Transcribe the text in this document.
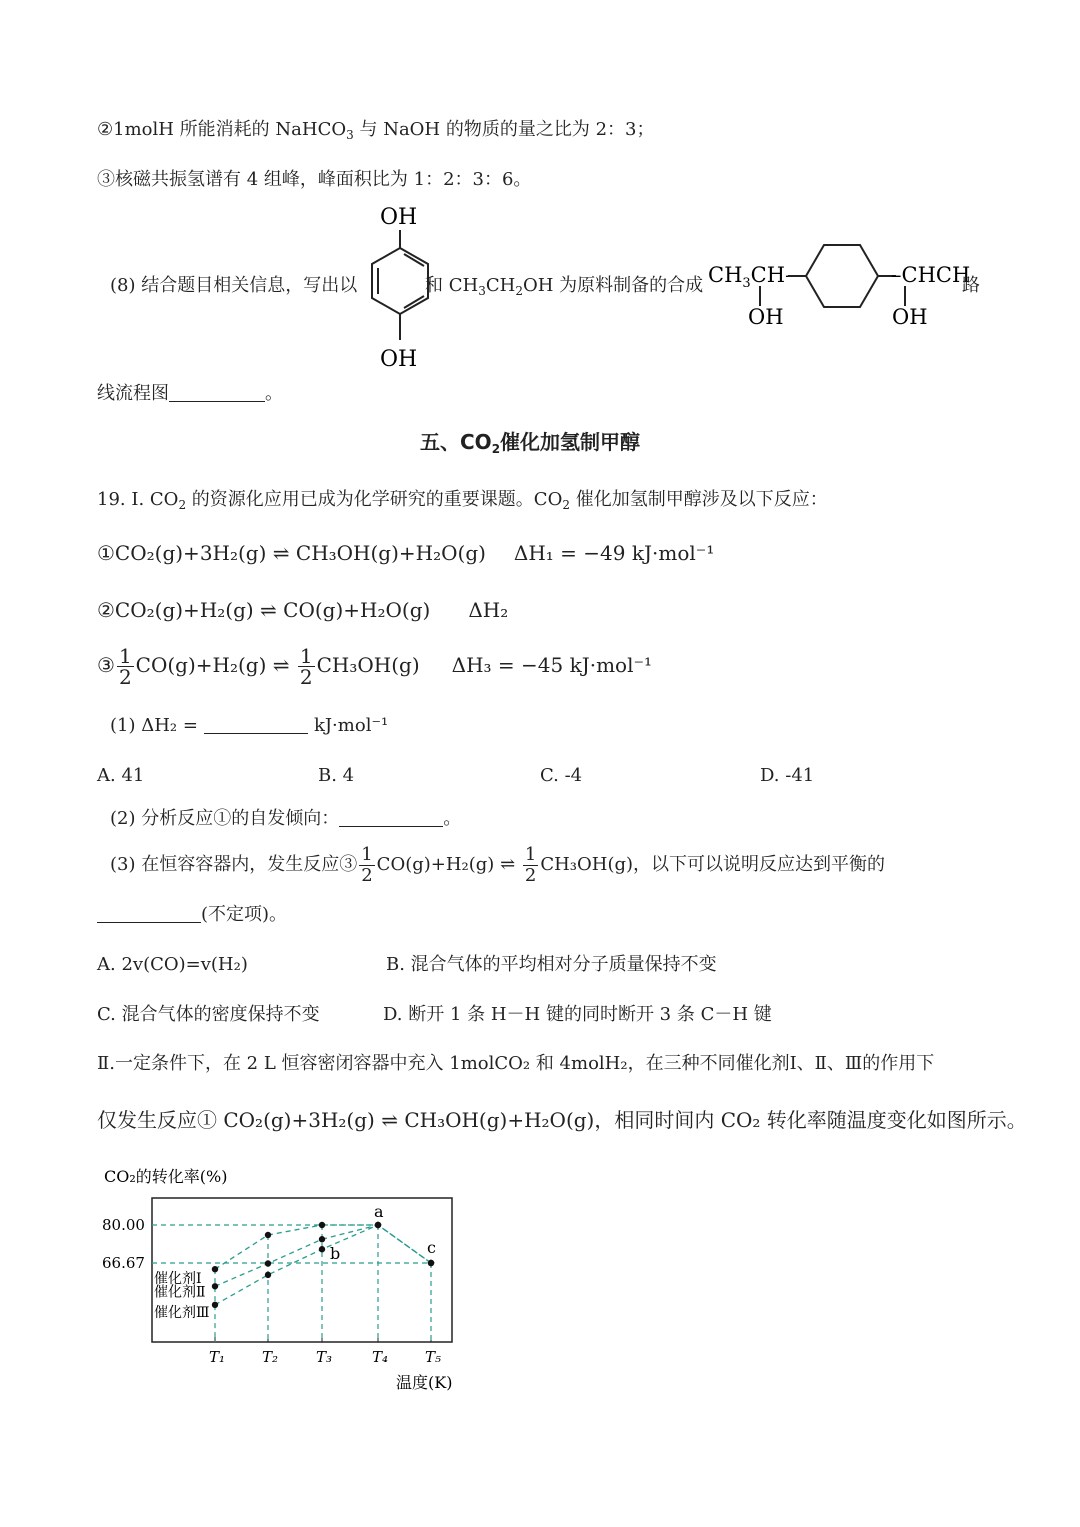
②1molH 所能消耗的 NaHCO$_3$ 与 NaOH 的物质的量之比为 2：3；
③核磁共振氢谱有 4 组峰，峰面积比为 1：2：3：6。
(8) 结合题目相关信息，写出以
OH
OH
和 $CH_3CH_2OH$ 为原料制备的合成 $CH_3CH-$	–CHCH
OH	OH
路
线流程图	。
五、$CO_2$催化加氢制甲醇
19. Ⅰ. $CO_2$ 的资源化应用已成为化学研究的重要课题。$CO_2$ 催化加氢制甲醇涉及以下反应：
①CO₂(g)+3H₂(g) ⇌ CH₃OH(g)+H₂O(g) ΔH₁ = −49 kJ·mol⁻¹
②CO₂(g)+H₂(g) ⇌ CO(g)+H₂O(g) ΔH₂
③ $\frac{1}{2} CO(g)+H_2(g)$ ⇌ $\frac{1}{2} CH_3OH(g) \Delta H_3 = -45$ kJ·mol⁻¹
(1) ΔH₂ =	kJ·mol⁻¹
A. 41	B. 4	C. -4	D. -41
(2) 分析反应①的自发倾向：	。
(3) 在恒容容器内，发生反应③ $\frac{1}{2} CO(g)+H_2(g)$ ⇌ $\frac{1}{2} CH_3OH(g)$，以下可以说明反应达到平衡的
(不定项)。
A. 2v(CO)=v(H₂)	B. 混合气体的平均相对分子质量保持不变
C. 混合气体的密度保持不变	D. 断开 1 条 H－H 键的同时断开 3 条 C－H 键
Ⅱ.一定条件下，在 2 L 恒容密闭容器中充入 1molCO₂ 和 4molH₂，在三种不同催化剂Ⅰ、Ⅱ、Ⅲ的作用下
仅发生反应① CO₂(g)+3H₂(g) ⇌ CH₃OH(g)+H₂O(g)，相同时间内 CO₂ 转化率随温度变化如图所示。
CO₂的转化率(%)
80.00
66.67
T₁ T₂	T₃	T₄ T₅
温度(K)
催化剂Ⅰ
催化剂Ⅱ
催化剂Ⅲ
a
b	c
